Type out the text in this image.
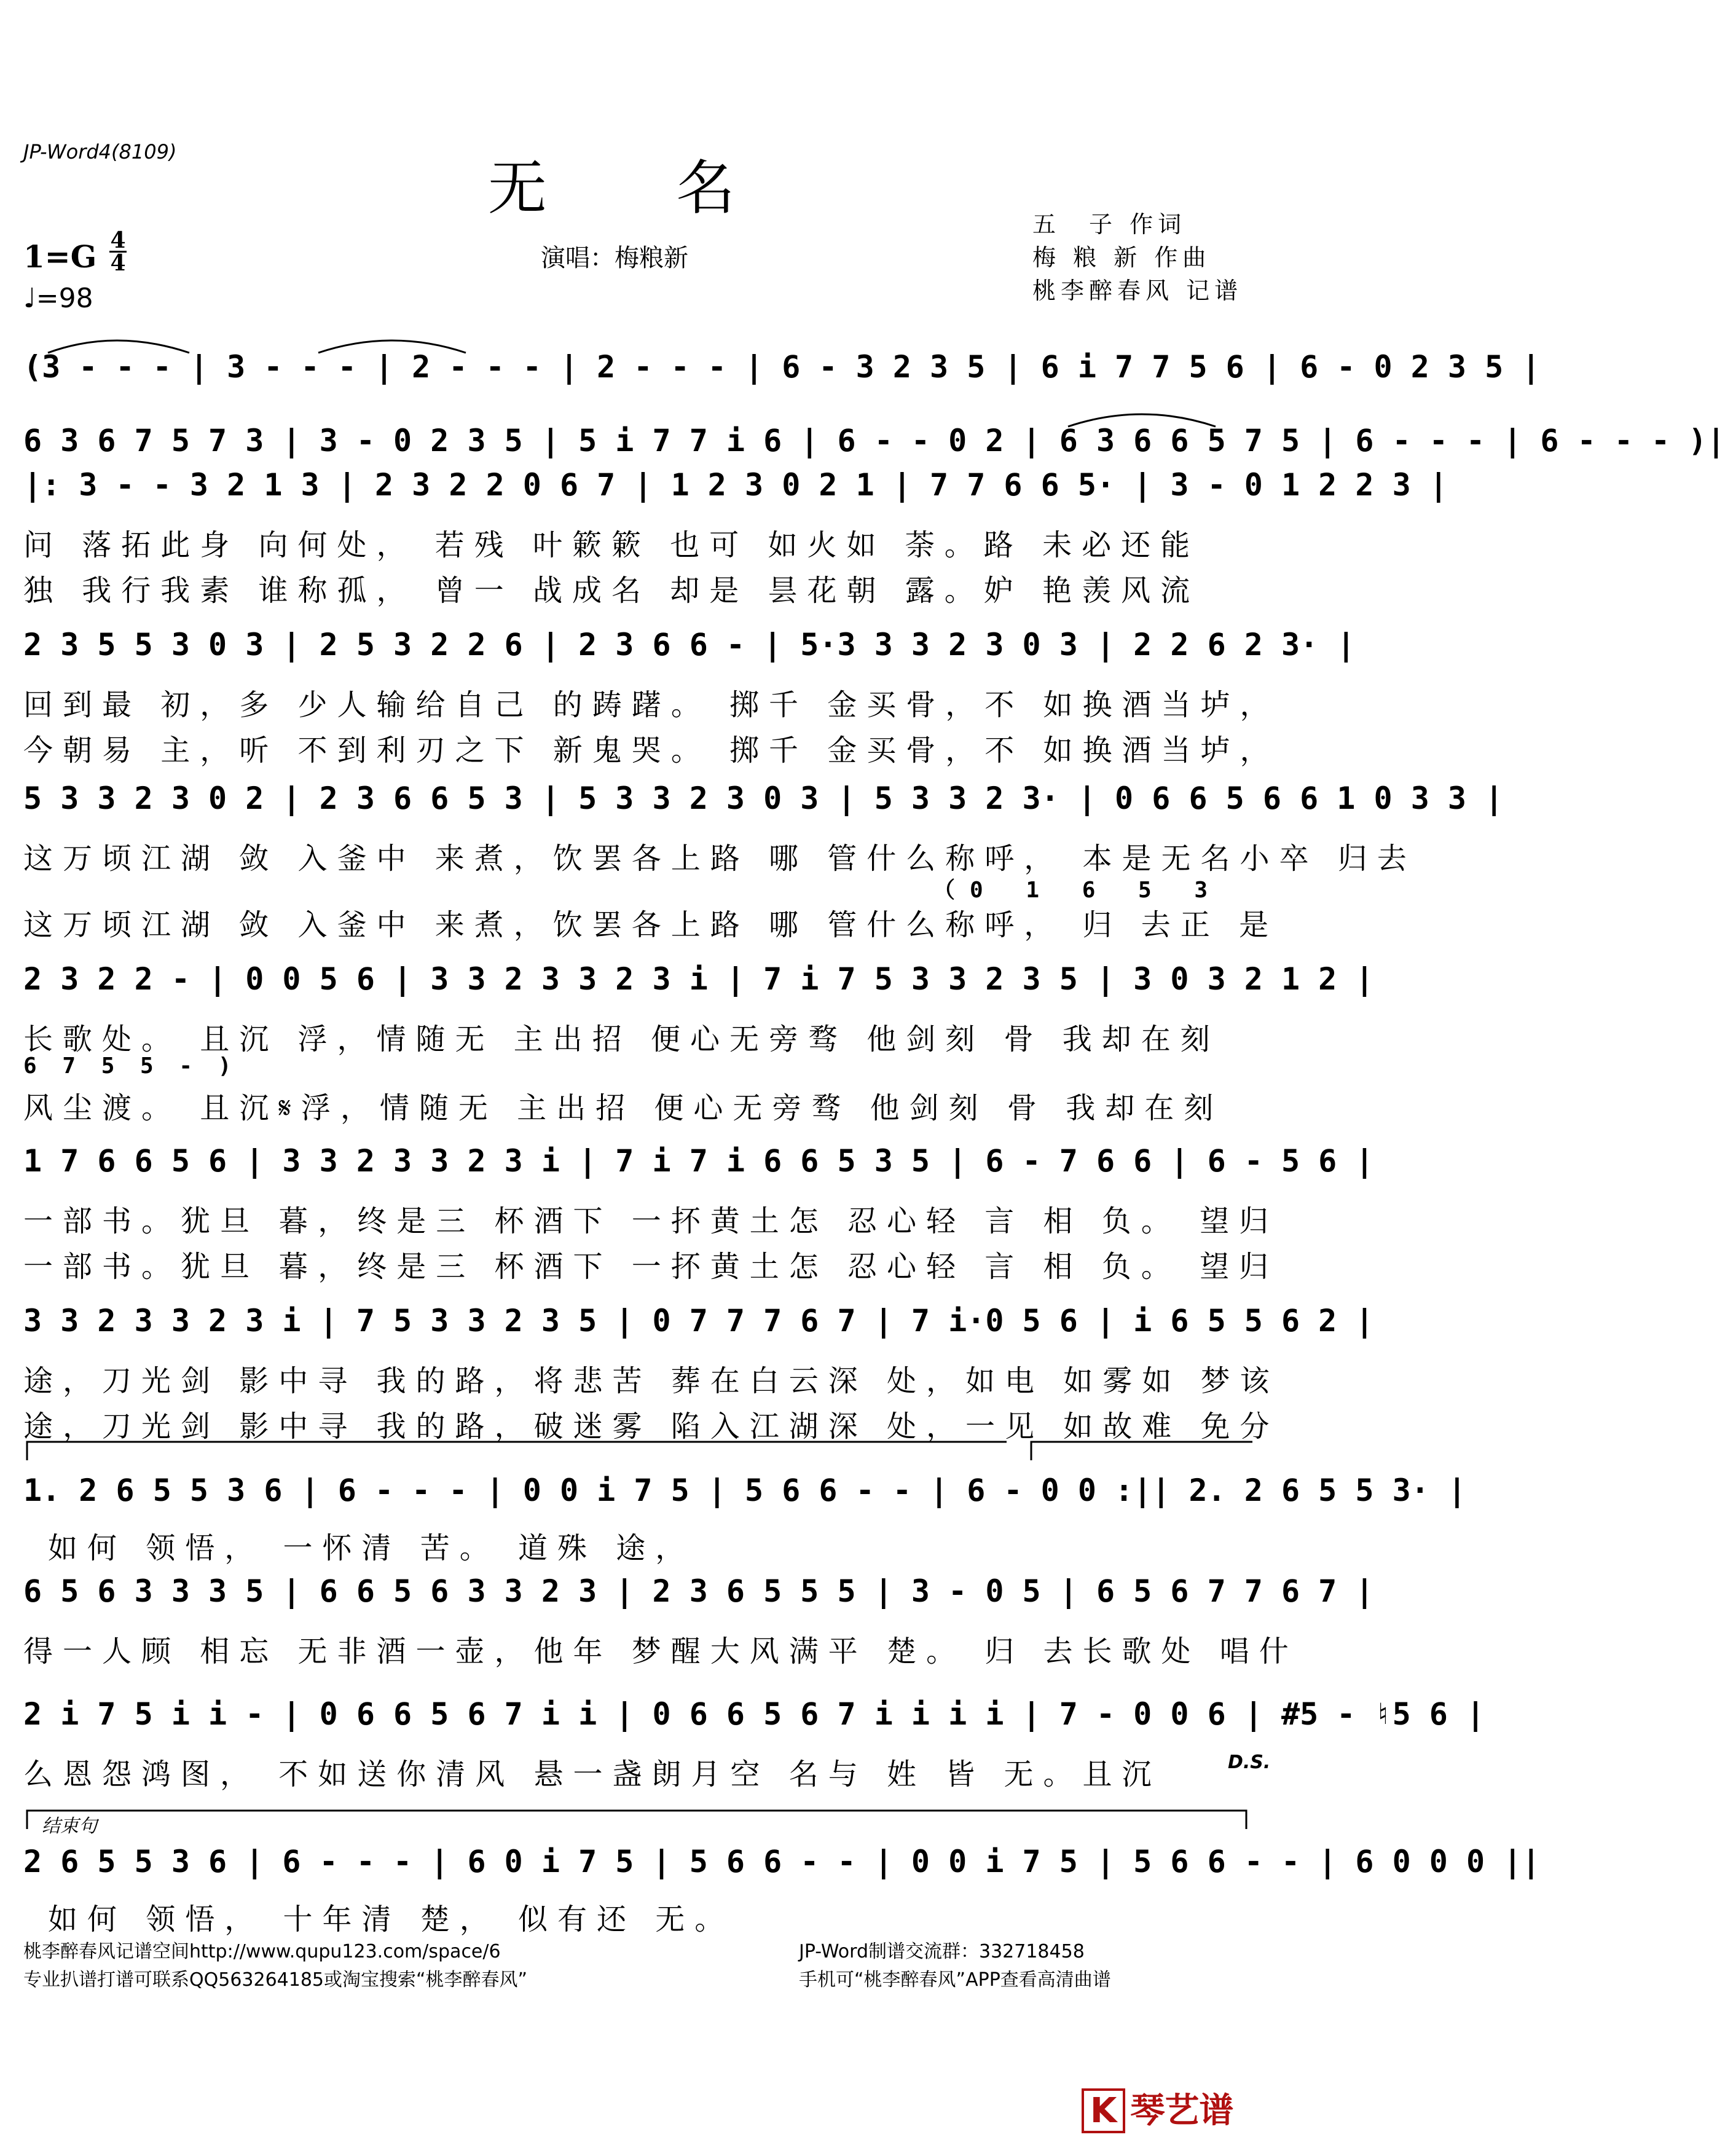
JP-Word4(8109)
无 名
1=G 4
4
♩=98
演唱：梅粮新
五　子 作词
梅 粮 新 作曲
桃李醉春风 记谱
(3 - - - | 3 - - - | 2 - - - | 2 - - - | 6 - 3 2 3 5 | 6 i 7 7 5 6 | 6 - 0 2 3 5 |
6 3 6 7 5 7 3 | 3 - 0 2 3 5 | 5 i 7 7 i 6 | 6 - - 0 2 | 6 3 6 6 5 7 5 | 6 - - - | 6 - - - )|
|: 3 - - 3 2 1 3 | 2 3 2 2 0 6 7 | 1 2 3 0 2 1 | 7 7 6 6 5· | 3 - 0 1 2 2 3 |
问 落拓此身 向何处， 若残 叶簌簌 也可 如火如 荼。路 未必还能
独 我行我素 谁称孤， 曾一 战成名 却是 昙花朝 露。妒 艳羡风流
2 3 5 5 3 0 3 | 2 5 3 2 2 6 | 2 3 6 6 - | 5·3 3 3 2 3 0 3 | 2 2 6 2 3· |
回到最 初，多 少人输给自己 的踌躇。 掷千 金买骨，不 如换酒当垆，
今朝易 主，听 不到利刃之下 新鬼哭。 掷千 金买骨，不 如换酒当垆，
5 3 3 2 3 0 2 | 2 3 6 6 5 3 | 5 3 3 2 3 0 3 | 5 3 3 2 3· | 0 6 6 5 6 6 1 0 3 3 |
这万顷江湖 敛 入釜中 来煮，饮罢各上路 哪 管什么称呼， 本是无名小卒 归去
（0 1 6 5 3
这万顷江湖 敛 入釜中 来煮，饮罢各上路 哪 管什么称呼， 归 去正 是
2 3 2 2 - | 0 0 5 6 | 3 3 2 3 3 2 3 i | 7 i 7 5 3 3 2 3 5 | 3 0 3 2 1 2 |
长歌处。 且沉 浮，情随无 主出招 便心无旁骛 他剑刻 骨 我却在刻
6 7 5 5 - )
风尘渡。 且沉𝄋浮，情随无 主出招 便心无旁骛 他剑刻 骨 我却在刻
1 7 6 6 5 6 | 3 3 2 3 3 2 3 i | 7 i 7 i 6 6 5 3 5 | 6 - 7 6 6 | 6 - 5 6 |
一部书。犹旦 暮，终是三 杯酒下 一抔黄土怎 忍心轻 言 相 负。 望归
一部书。犹旦 暮，终是三 杯酒下 一抔黄土怎 忍心轻 言 相 负。 望归
3 3 2 3 3 2 3 i | 7 5 3 3 2 3 5 | 0 7 7 7 6 7 | 7 i·0 5 6 | i 6 5 5 6 2 |
途，刀光剑 影中寻 我的路，将悲苦 葬在白云深 处，如电 如雾如 梦该
途，刀光剑 影中寻 我的路，破迷雾 陷入江湖深 处，一见 如故难 免分
1. 2 6 5 5 3 6 | 6 - - - | 0 0 i 7 5 | 5 6 6 - - | 6 - 0 0 :|| 2. 2 6 5 5 3· |
如何 领悟， 一怀清 苦。 道殊 途，
6 5 6 3 3 3 5 | 6 6 5 6 3 3 2 3 | 2 3 6 5 5 5 | 3 - 0 5 | 6 5 6 7 7 6 7 |
得一人顾 相忘 无非酒一壶，他年 梦醒大风满平 楚。 归 去长歌处 唱什
2 i 7 5 i i - | 0 6 6 5 6 7 i i | 0 6 6 5 6 7 i i i i | 7 - 0 0 6 | #5 - ♮5 6 |
么恩怨鸿图， 不如送你清风 悬一盏朗月空 名与 姓 皆 无。且沉	D.S.
结束句
2 6 5 5 3 6 | 6 - - - | 6 0 i 7 5 | 5 6 6 - - | 0 0 i 7 5 | 5 6 6 - - | 6 0 0 0 ||
如何 领悟， 十年清 楚， 似有还 无。
桃李醉春风记谱空间http://www.qupu123.com/space/6
专业扒谱打谱可联系QQ563264185或淘宝搜索“桃李醉春风”
JP-Word制谱交流群：332718458
手机可“桃李醉春风”APP查看高清曲谱
K 琴艺谱
